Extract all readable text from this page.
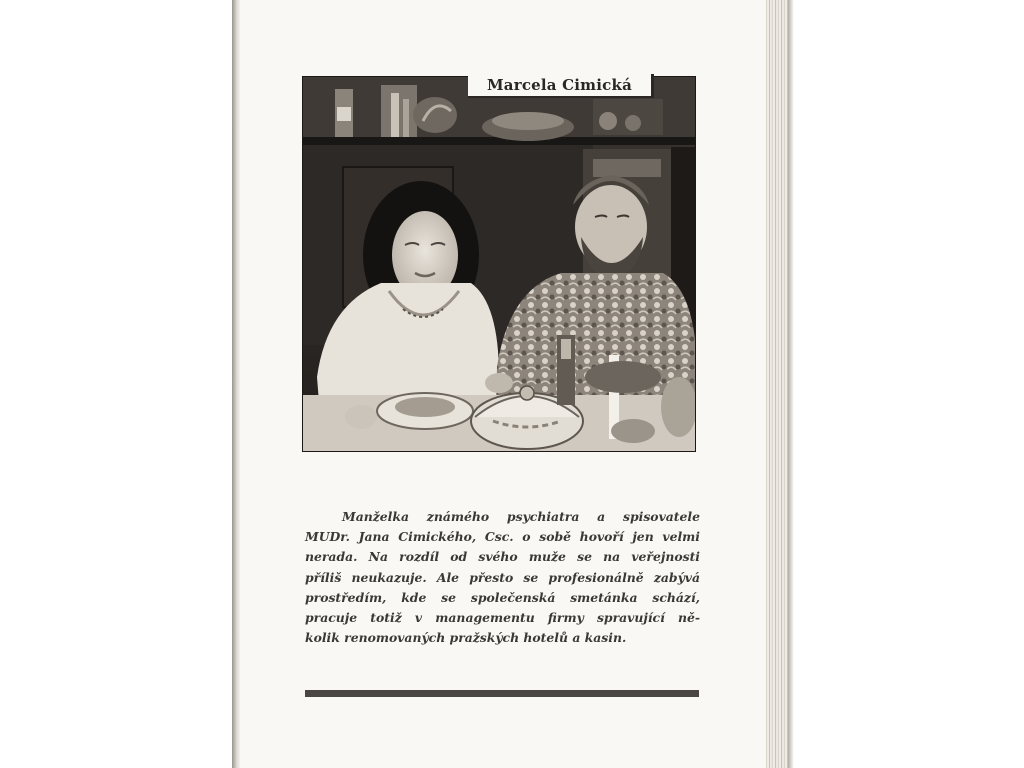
Marcela Cimická
Manželka známého psychiatra a spisovatele
MUDr. Jana Cimického, Csc. o sobě hovoří jen velmi
nerada. Na rozdíl od svého muže se na veřejnosti
příliš neukazuje. Ale přesto se profesionálně zabývá
prostředím, kde se společenská smetánka schází,
pracuje totiž v managementu firmy spravující ně-
kolik renomovaných pražských hotelů a kasin.
